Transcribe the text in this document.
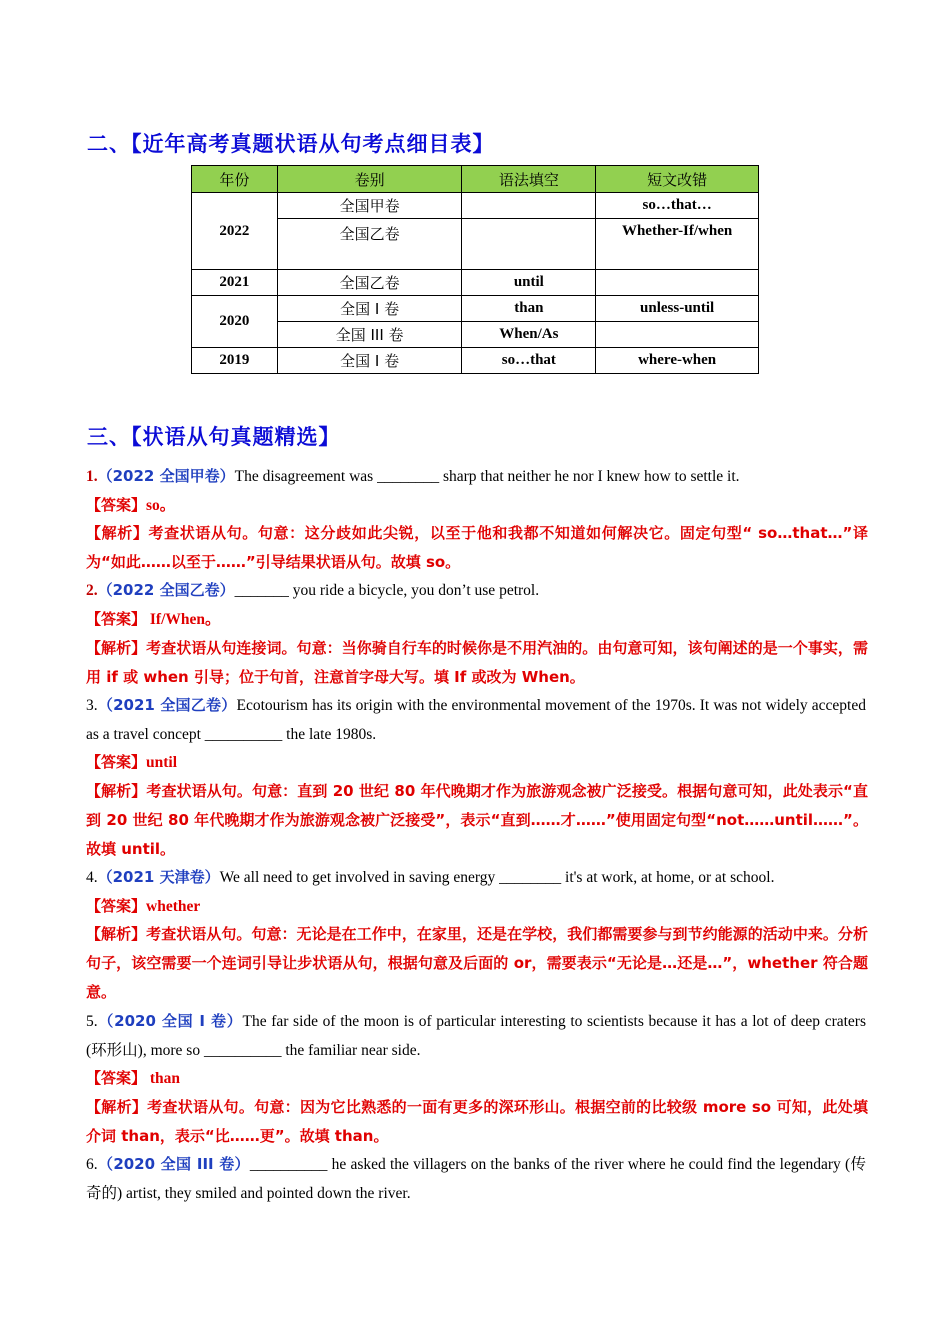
二、【近年高考真题状语从句考点细目表】
年份	卷别	语法填空	短文改错
2022	全国甲卷		so…that…
	全国乙卷		Whether-If/when
2021	全国乙卷	until	
2020	全国 I 卷	than	unless-until
	全国 III 卷	When/As	
2019	全国 I 卷	so…that	where-when
三、【状语从句真题精选】
1.（2022 全国甲卷）The disagreement was ________ sharp that neither he nor I knew how to settle it.
【答案】so。
【解析】考查状语从句。句意：这分歧如此尖锐，以至于他和我都不知道如何解决它。固定句型“ so…that…”译为“如此……以至于……”引导结果状语从句。故填 so。
2.（2022 全国乙卷）_______ you ride a bicycle, you don’t use petrol.
【答案】 If/When。
【解析】考查状语从句连接词。句意：当你骑自行车的时候你是不用汽油的。由句意可知，该句阐述的是一个事实，需用 if 或 when 引导；位于句首，注意首字母大写。填 If 或改为 When。
3.（2021 全国乙卷）Ecotourism has its origin with the environmental movement of the 1970s. It was not widely accepted as a travel concept __________ the late 1980s.
【答案】until
【解析】考查状语从句。句意：直到 20 世纪 80 年代晚期才作为旅游观念被广泛接受。根据句意可知，此处表示“直到 20 世纪 80 年代晚期才作为旅游观念被广泛接受”，表示“直到……才……”使用固定句型“not……until……”。故填 until。
4.（2021 天津卷）We all need to get involved in saving energy ________ it's at work, at home, or at school.
【答案】whether
【解析】考查状语从句。句意：无论是在工作中，在家里，还是在学校，我们都需要参与到节约能源的活动中来。分析句子，该空需要一个连词引导让步状语从句，根据句意及后面的 or，需要表示“无论是…还是…”，whether 符合题意。
5.（2020 全国 I 卷）The far side of the moon is of particular interesting to scientists because it has a lot of deep craters (环形山), more so __________ the familiar near side.
【答案】 than
【解析】考查状语从句。句意：因为它比熟悉的一面有更多的深环形山。根据空前的比较级 more so 可知，此处填介词 than，表示“比……更”。故填 than。
6.（2020 全国 III 卷）__________ he asked the villagers on the banks of the river where he could find the legendary (传奇的) artist, they smiled and pointed down the river.
